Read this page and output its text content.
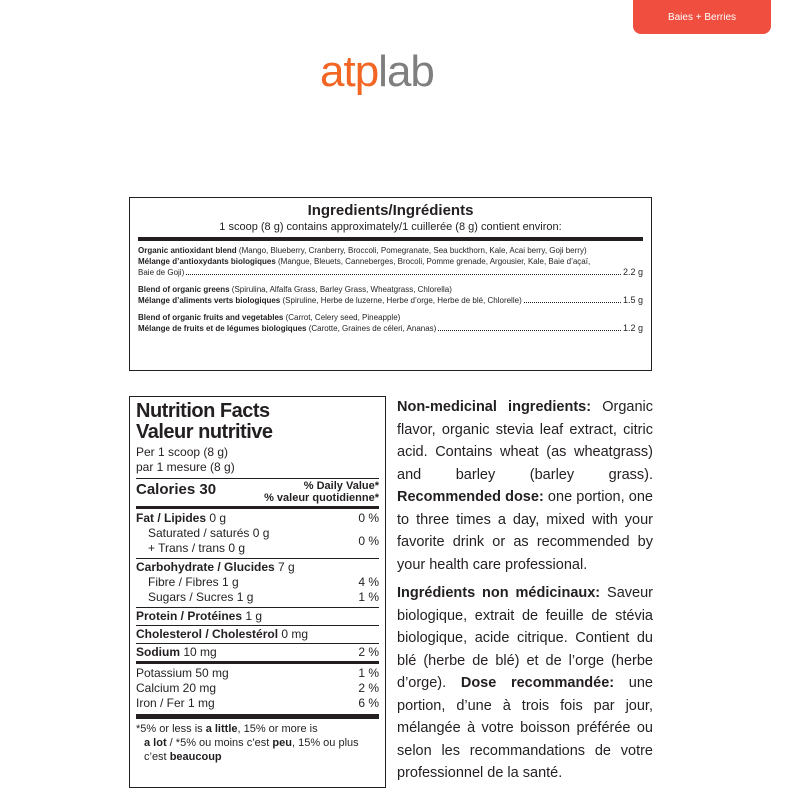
Baies + Berries
atplab
Ingredients/Ingrédients
1 scoop (8 g) contains approximately/1 cuillerée (8 g) contient environ:
Organic antioxidant blend (Mango, Blueberry, Cranberry, Broccoli, Pomegranate, Sea buckthorn, Kale, Acai berry, Goji berry)
Mélange d’antioxydants biologiques (Mangue, Bleuets, Canneberges, Brocoli, Pomme grenade, Argousier, Kale, Baie d’açaï,
Baie de Goji)	2.2 g
Blend of organic greens (Spirulina, Alfalfa Grass, Barley Grass, Wheatgrass, Chlorella)
Mélange d’aliments verts biologiques (Spiruline, Herbe de luzerne, Herbe d’orge, Herbe de blé, Chlorelle)	1.5 g
Blend of organic fruits and vegetables (Carrot, Celery seed, Pineapple)
Mélange de fruits et de légumes biologiques (Carotte, Graines de céleri, Ananas)	1.2 g
Nutrition Facts
Valeur nutritive
Per 1 scoop (8 g)
par 1 mesure (8 g)
Calories 30	% Daily Value*
% valeur quotidienne*
Fat / Lipides 0 g	0 %
Saturated / saturés 0 g
+ Trans / trans 0 g	0 %
Carbohydrate / Glucides 7 g
Fibre / Fibres 1 g	4 %
Sugars / Sucres 1 g	1 %
Protein / Protéines 1 g
Cholesterol / Cholestérol 0 mg
Sodium 10 mg	2 %
Potassium 50 mg	1 %
Calcium 20 mg	2 %
Iron / Fer 1 mg	6 %

*5% or less is a little, 15% or more is

a lot / *5% ou moins c’est peu, 15% ou plus

c’est beaucoup

Non-medicinal ingredients: Organic flavor, organic stevia leaf extract, citric acid. Contains wheat (as wheatgrass) and barley (barley grass). Recommended dose: one portion, one to three times a day, mixed with your favorite drink or as recommended by your health care professional.

Ingrédients non médicinaux: Saveur biologique, extrait de feuille de stévia biologique, acide citrique. Contient du blé (herbe de blé) et de l’orge (herbe d’orge). Dose recommandée: une portion, d’une à trois fois par jour, mélangée à votre boisson préférée ou selon les recommandations de votre professionnel de la santé.
